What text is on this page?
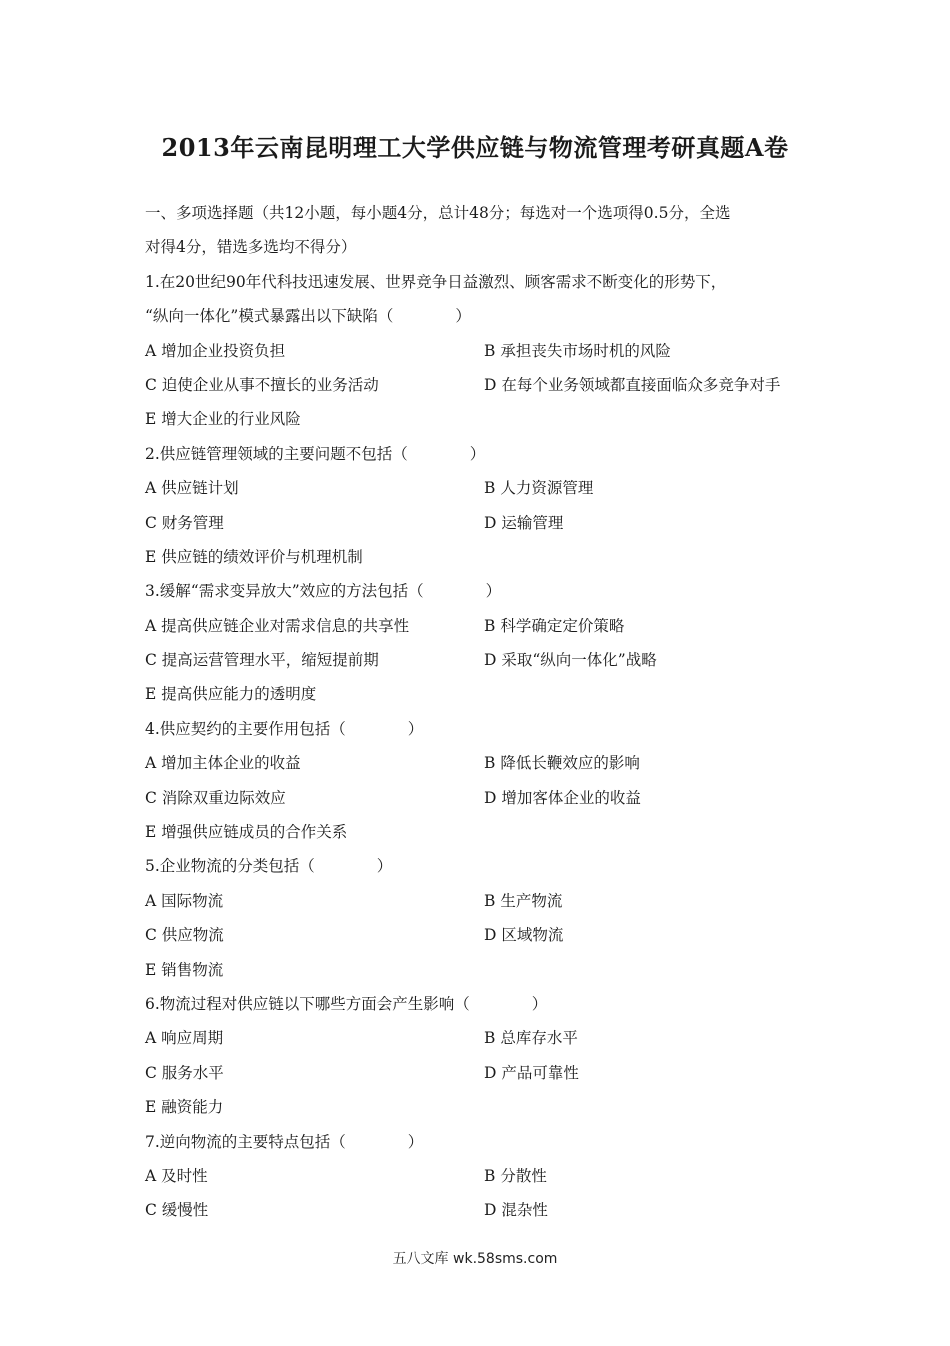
2013年云南昆明理工大学供应链与物流管理考研真题A卷
一、多项选择题（共12小题，每小题4分，总计48分；每选对一个选项得0.5分，全选
对得4分，错选多选均不得分）
1.在20世纪90年代科技迅速发展、世界竞争日益激烈、顾客需求不断变化的形势下，
“纵向一体化”模式暴露出以下缺陷（　　　　）
A 增加企业投资负担	B 承担丧失市场时机的风险
C 迫使企业从事不擅长的业务活动	D 在每个业务领域都直接面临众多竞争对手
E 增大企业的行业风险
2.供应链管理领域的主要问题不包括（　　　　）
A 供应链计划	B 人力资源管理
C 财务管理	D 运输管理
E 供应链的绩效评价与机理机制
3.缓解“需求变异放大”效应的方法包括（　　　　）
A 提高供应链企业对需求信息的共享性	B 科学确定定价策略
C 提高运营管理水平，缩短提前期	D 采取“纵向一体化”战略
E 提高供应能力的透明度
4.供应契约的主要作用包括（　　　　）
A 增加主体企业的收益	B 降低长鞭效应的影响
C 消除双重边际效应	D 增加客体企业的收益
E 增强供应链成员的合作关系
5.企业物流的分类包括（　　　　）
A 国际物流	B 生产物流
C 供应物流	D 区域物流
E 销售物流
6.物流过程对供应链以下哪些方面会产生影响（　　　　）
A 响应周期	B 总库存水平
C 服务水平	D 产品可靠性
E 融资能力
7.逆向物流的主要特点包括（　　　　）
A 及时性	B 分散性
C 缓慢性	D 混杂性
五八文库 wk.58sms.com
